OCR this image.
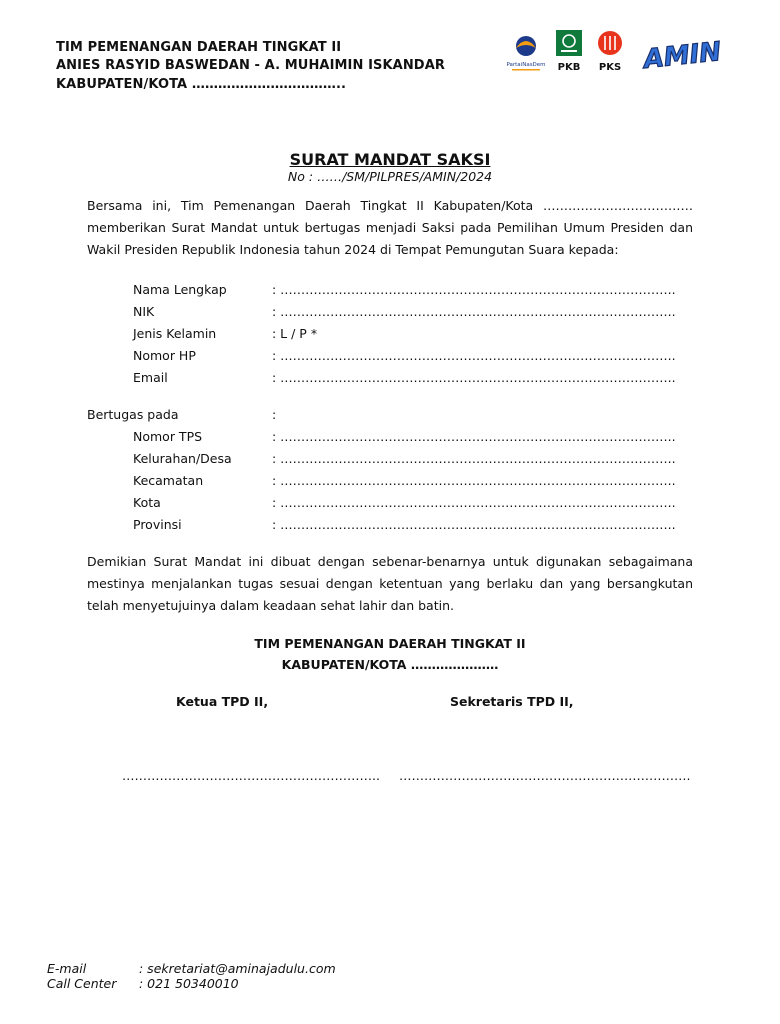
TIM PEMENANGAN DAERAH TINGKAT II
ANIES RASYID BASWEDAN - A. MUHAIMIN ISKANDAR
KABUPATEN/KOTA ……………………………..
PartaiNasDem PKB PKS AMIN
SURAT MANDAT SAKSI
No : ……/SM/PILPRES/AMIN/2024
Bersama ini, Tim Pemenangan Daerah Tingkat II Kabupaten/Kota ……………………………… memberikan Surat Mandat untuk bertugas menjadi Saksi pada Pemilihan Umum Presiden dan Wakil Presiden Republik Indonesia tahun 2024 di Tempat Pemungutan Suara kepada:
Nama Lengkap	: …………………………………………………………………………………..
NIK	: …………………………………………………………………………………..
Jenis Kelamin	: L / P *
Nomor HP	: …………………………………………………………………………………..
Email	: …………………………………………………………………………………..
Bertugas pada	:
Nomor TPS	: …………………………………………………………………………………..
Kelurahan/Desa	: …………………………………………………………………………………..
Kecamatan	: …………………………………………………………………………………..
Kota	: …………………………………………………………………………………..
Provinsi	: …………………………………………………………………………………..
Demikian Surat Mandat ini dibuat dengan sebenar-benarnya untuk digunakan sebagaimana mestinya menjalankan tugas sesuai dengan ketentuan yang berlaku dan yang bersangkutan telah menyetujuinya dalam keadaan sehat lahir dan batin.
TIM PEMENANGAN DAERAH TINGKAT II
KABUPATEN/KOTA …………………
Ketua TPD II,	Sekretaris TPD II,
…………………………………………………….. …………………………………………………………….
E-mail	: sekretariat@aminajadulu.com
Call Center : 021 50340010
